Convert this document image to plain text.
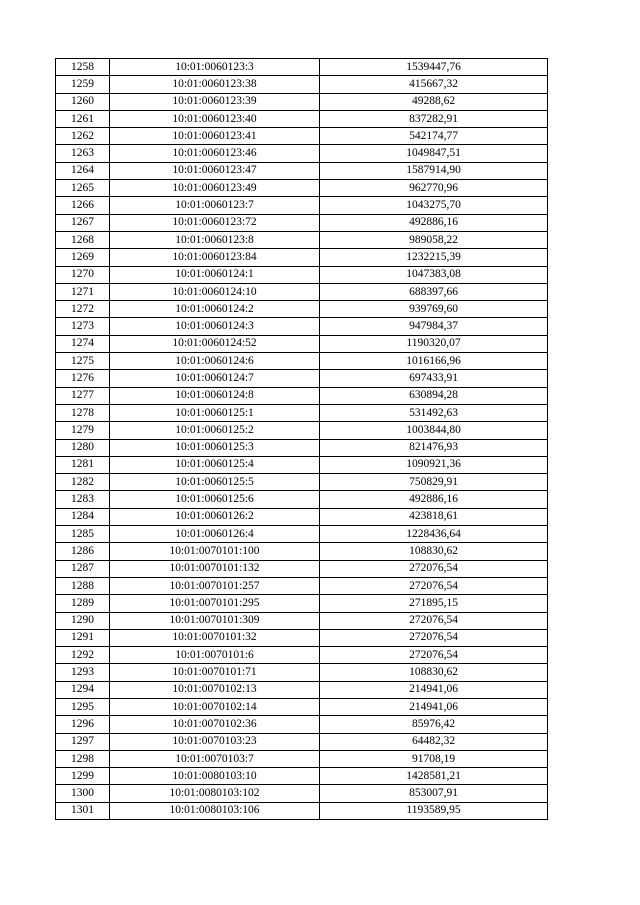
1258	10:01:0060123:3	1539447,76
1259	10:01:0060123:38	415667,32
1260	10:01:0060123:39	49288,62
1261	10:01:0060123:40	837282,91
1262	10:01:0060123:41	542174,77
1263	10:01:0060123:46	1049847,51
1264	10:01:0060123:47	1587914,90
1265	10:01:0060123:49	962770,96
1266	10:01:0060123:7	1043275,70
1267	10:01:0060123:72	492886,16
1268	10:01:0060123:8	989058,22
1269	10:01:0060123:84	1232215,39
1270	10:01:0060124:1	1047383,08
1271	10:01:0060124:10	688397,66
1272	10:01:0060124:2	939769,60
1273	10:01:0060124:3	947984,37
1274	10:01:0060124:52	1190320,07
1275	10:01:0060124:6	1016166,96
1276	10:01:0060124:7	697433,91
1277	10:01:0060124:8	630894,28
1278	10:01:0060125:1	531492,63
1279	10:01:0060125:2	1003844,80
1280	10:01:0060125:3	821476,93
1281	10:01:0060125:4	1090921,36
1282	10:01:0060125:5	750829,91
1283	10:01:0060125:6	492886,16
1284	10:01:0060126:2	423818,61
1285	10:01:0060126:4	1228436,64
1286	10:01:0070101:100	108830,62
1287	10:01:0070101:132	272076,54
1288	10:01:0070101:257	272076,54
1289	10:01:0070101:295	271895,15
1290	10:01:0070101:309	272076,54
1291	10:01:0070101:32	272076,54
1292	10:01:0070101:6	272076,54
1293	10:01:0070101:71	108830,62
1294	10:01:0070102:13	214941,06
1295	10:01:0070102:14	214941,06
1296	10:01:0070102:36	85976,42
1297	10:01:0070103:23	64482,32
1298	10:01:0070103:7	91708,19
1299	10:01:0080103:10	1428581,21
1300	10:01:0080103:102	853007,91
1301	10:01:0080103:106	1193589,95
